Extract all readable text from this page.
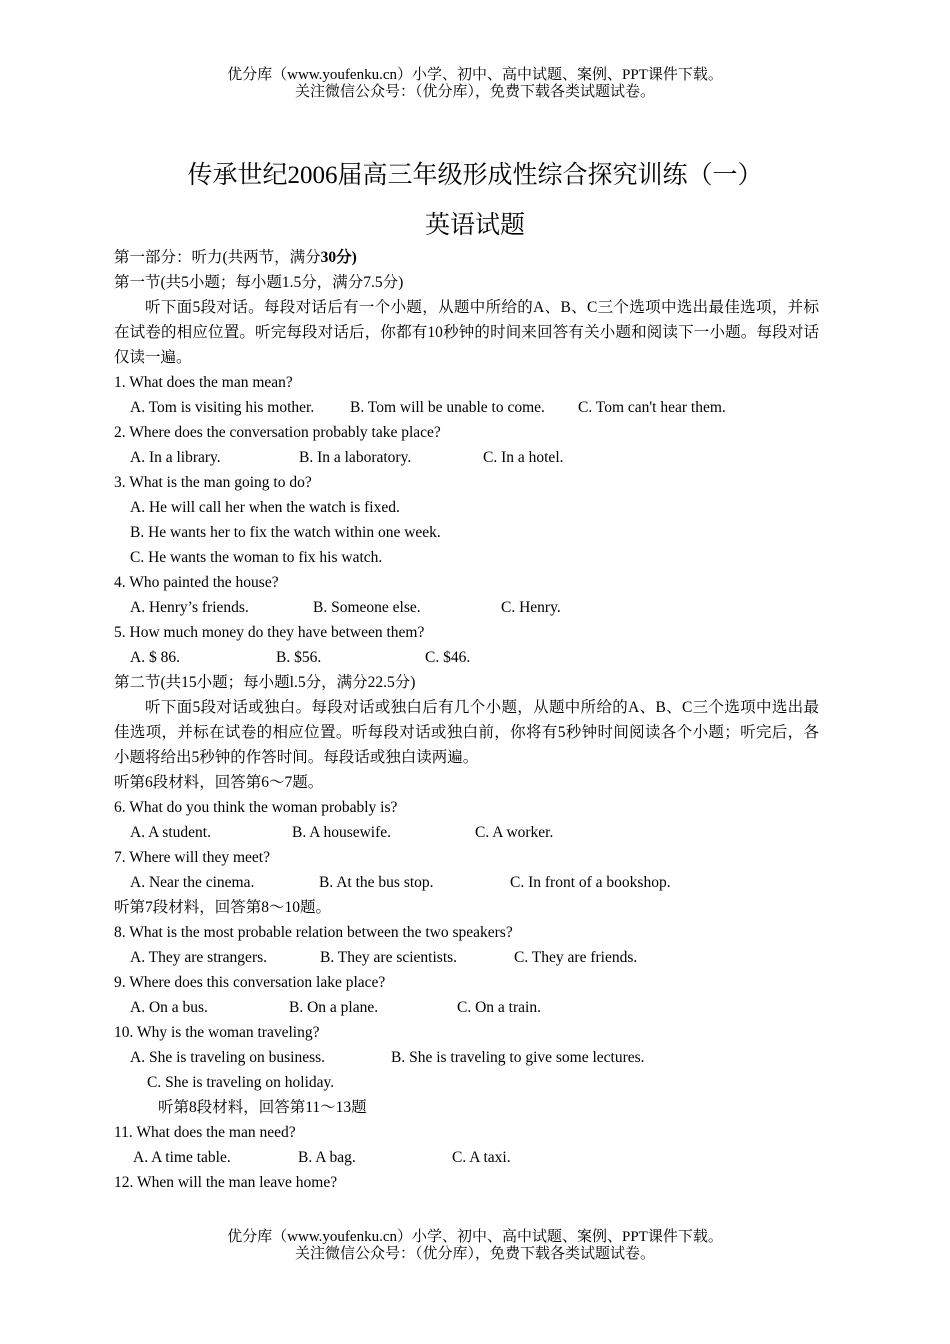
优分库（www.youfenku.cn）小学、初中、高中试题、案例、PPT课件下载。
关注微信公众号：（优分库），免费下载各类试题试卷。
传承世纪2006届高三年级形成性综合探究训练（一）
英语试题
第一部分：听力(共两节，满分30分)
第一节(共5小题；每小题1.5分，满分7.5分)
听下面5段对话。每段对话后有一个小题，从题中所给的A、B、C三个选项中选出最佳选项，并标在试卷的相应位置。听完每段对话后，你都有10秒钟的时间来回答有关小题和阅读下一小题。每段对话仅读一遍。
1. What does the man mean?
A. Tom is visiting his mother. B. Tom will be unable to come. C. Tom can't hear them.
2. Where does the conversation probably take place?
A. In a library.	B. In a laboratory.	C. In a hotel.
3. What is the man going to do?
A. He will call her when the watch is fixed.
B. He wants her to fix the watch within one week.
C. He wants the woman to fix his watch.
4. Who painted the house?
A. Henry’s friends.	B. Someone else.	C. Henry.
5. How much money do they have between them?
A. $ 86.	B. $56.	C. $46.
第二节(共15小题；每小题l.5分，满分22.5分)
听下面5段对话或独白。每段对话或独白后有几个小题，从题中所给的A、B、C三个选项中选出最佳选项，并标在试卷的相应位置。听每段对话或独白前，你将有5秒钟时间阅读各个小题；听完后，各小题将给出5秒钟的作答时间。每段话或独白读两遍。
听第6段材料，回答第6～7题。
6. What do you think the woman probably is?
A. A student.	B. A housewife.	C. A worker.
7. Where will they meet?
A. Near the cinema.	B. At the bus stop.	C. In front of a bookshop.
听第7段材料，回答第8～10题。
8. What is the most probable relation between the two speakers?
A. They are strangers.	B. They are scientists.	C. They are friends.
9. Where does this conversation lake place?
A. On a bus.	B. On a plane.	C. On a train.
10. Why is the woman traveling?
A. She is traveling on business.	B. She is traveling to give some lectures.
C. She is traveling on holiday.
听第8段材料，回答第11～13题
11. What does the man need?
A. A time table.	B. A bag.	C. A taxi.
12. When will the man leave home?
优分库（www.youfenku.cn）小学、初中、高中试题、案例、PPT课件下载。
关注微信公众号：（优分库），免费下载各类试题试卷。
